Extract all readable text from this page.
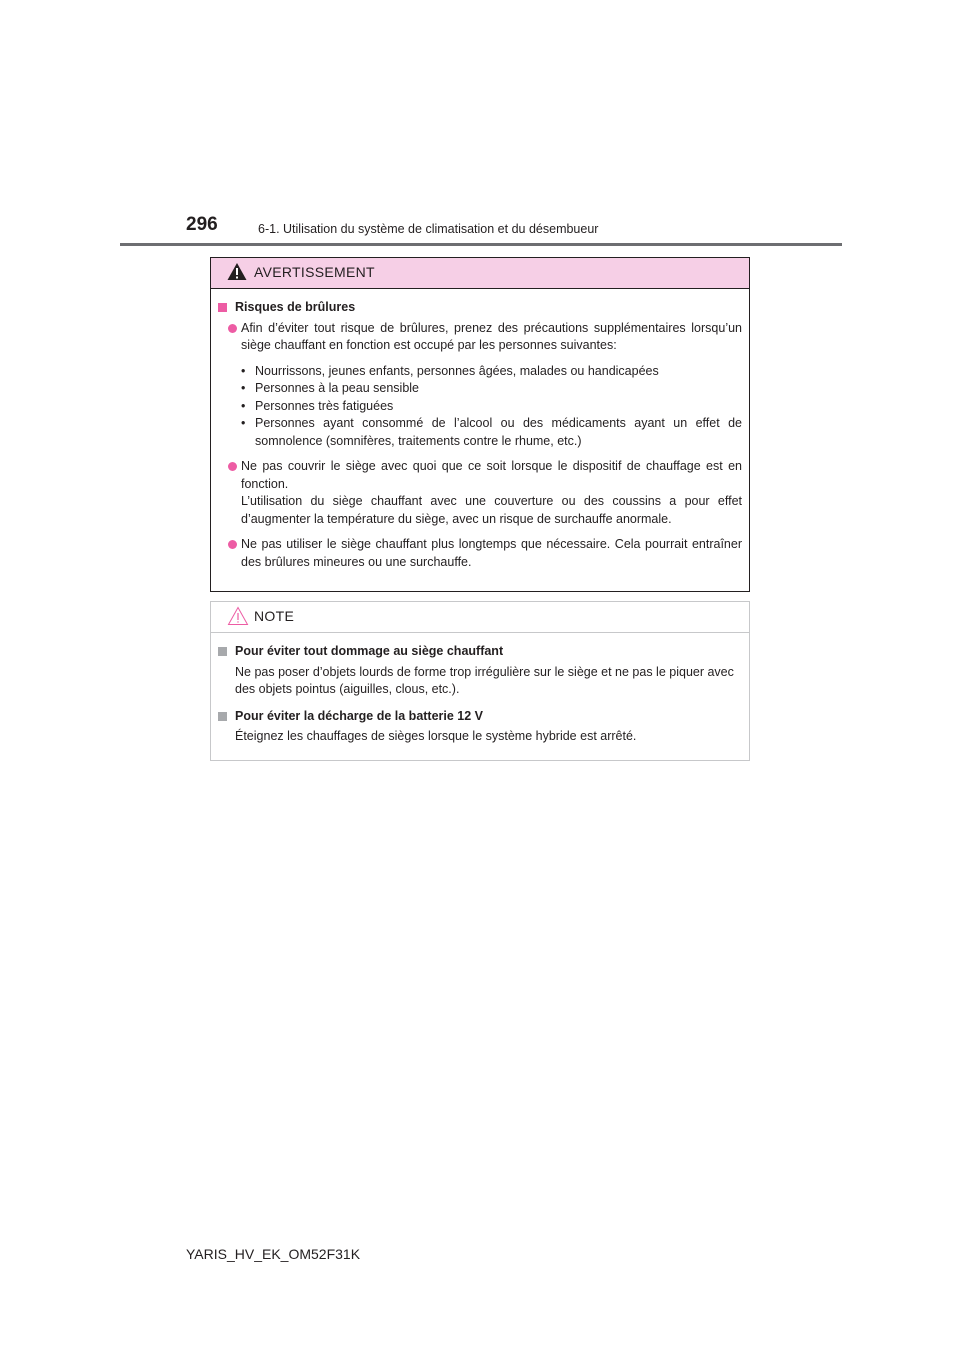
296	6-1. Utilisation du système de climatisation et du désembueur
AVERTISSEMENT
Risques de brûlures
Afin d’éviter tout risque de brûlures, prenez des précautions supplémentaires lorsqu’un siège chauffant en fonction est occupé par les personnes suivantes:
• Nourrissons, jeunes enfants, personnes âgées, malades ou handicapées
• Personnes à la peau sensible
• Personnes très fatiguées
• Personnes ayant consommé de l’alcool ou des médicaments ayant un effet de somnolence (somnifères, traitements contre le rhume, etc.)
Ne pas couvrir le siège avec quoi que ce soit lorsque le dispositif de chauffage est en fonction.
L’utilisation du siège chauffant avec une couverture ou des coussins a pour effet d’augmenter la température du siège, avec un risque de surchauffe anormale.
Ne pas utiliser le siège chauffant plus longtemps que nécessaire. Cela pourrait entraîner des brûlures mineures ou une surchauffe.
NOTE
Pour éviter tout dommage au siège chauffant
Ne pas poser d’objets lourds de forme trop irrégulière sur le siège et ne pas le piquer avec des objets pointus (aiguilles, clous, etc.).
Pour éviter la décharge de la batterie 12 V
Éteignez les chauffages de sièges lorsque le système hybride est arrêté.
YARIS_HV_EK_OM52F31K
